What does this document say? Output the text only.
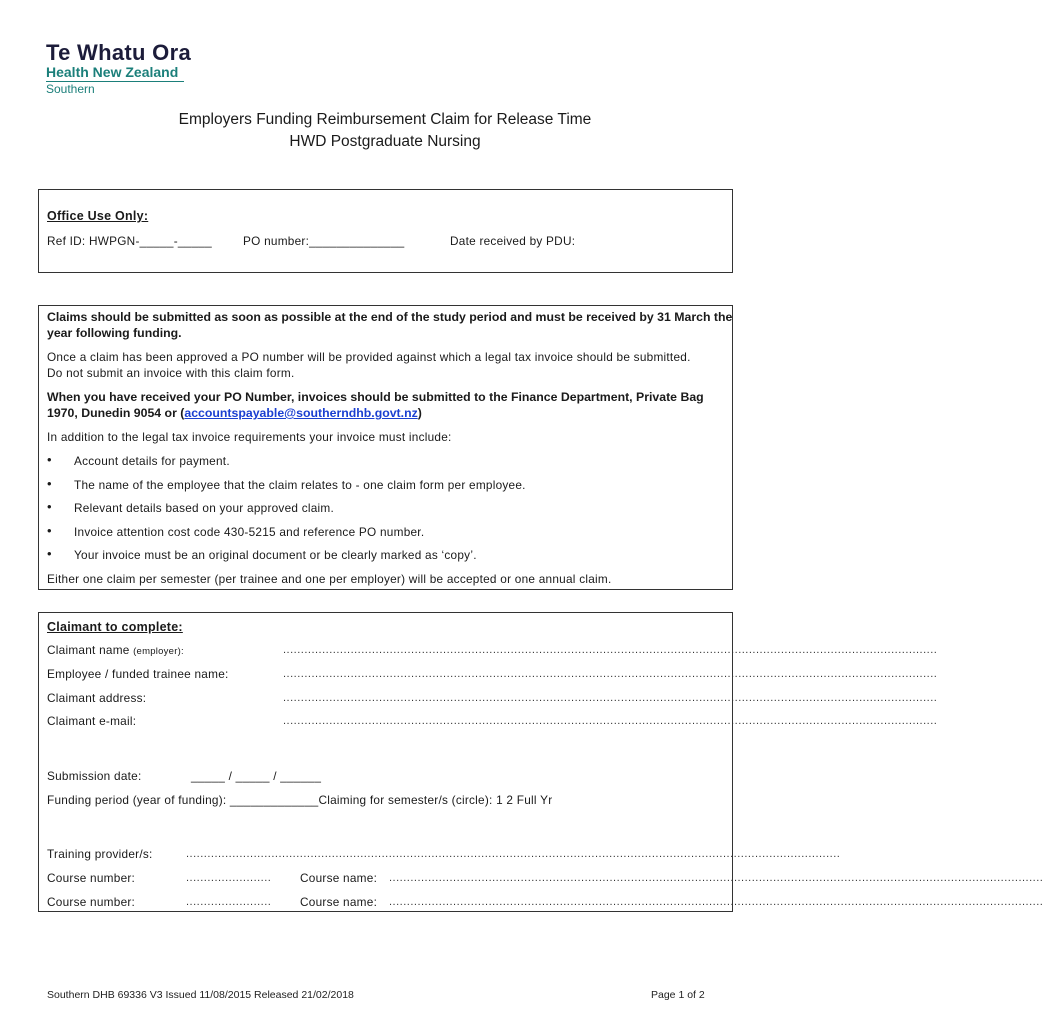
Te Whatu Ora
Health New Zealand
Southern
Employers Funding Reimbursement Claim for Release Time
HWD Postgraduate Nursing
Office Use Only:
Ref ID: HWPGN-_____-_____	PO number:______________	Date received by PDU:
Claims should be submitted as soon as possible at the end of the study period and must be received by 31 March the
year following funding.
Once a claim has been approved a PO number will be provided against which a legal tax invoice should be submitted.
Do not submit an invoice with this claim form.
When you have received your PO Number, invoices should be submitted to the Finance Department, Private Bag
1970, Dunedin 9054 or (accountspayable@southerndhb.govt.nz)
In addition to the legal tax invoice requirements your invoice must include:
• Account details for payment.
• The name of the employee that the claim relates to - one claim form per employee.
• Relevant details based on your approved claim.
• Invoice attention cost code 430-5215 and reference PO number.
• Your invoice must be an original document or be clearly marked as ‘copy’.
Either one claim per semester (per trainee and one per employer) will be accepted or one annual claim.
Claimant to complete:
Claimant name (employer):	........................................................................................................................................................................................
Employee / funded trainee name:	........................................................................................................................................................................................
Claimant address:	........................................................................................................................................................................................
Claimant e-mail:	........................................................................................................................................................................................
Submission date:	_____ / _____ / ______
Funding period (year of funding): _____________Claiming for semester/s (circle): 1 2 Full Yr
Training provider/s:	........................................................................................................................................................................................
Course number:	........................ Course name: ........................................................................................................................................................................................
Course number:	........................ Course name: ........................................................................................................................................................................................
Southern DHB 69336 V3 Issued 11/08/2015 Released 21/02/2018	Page 1 of 2
